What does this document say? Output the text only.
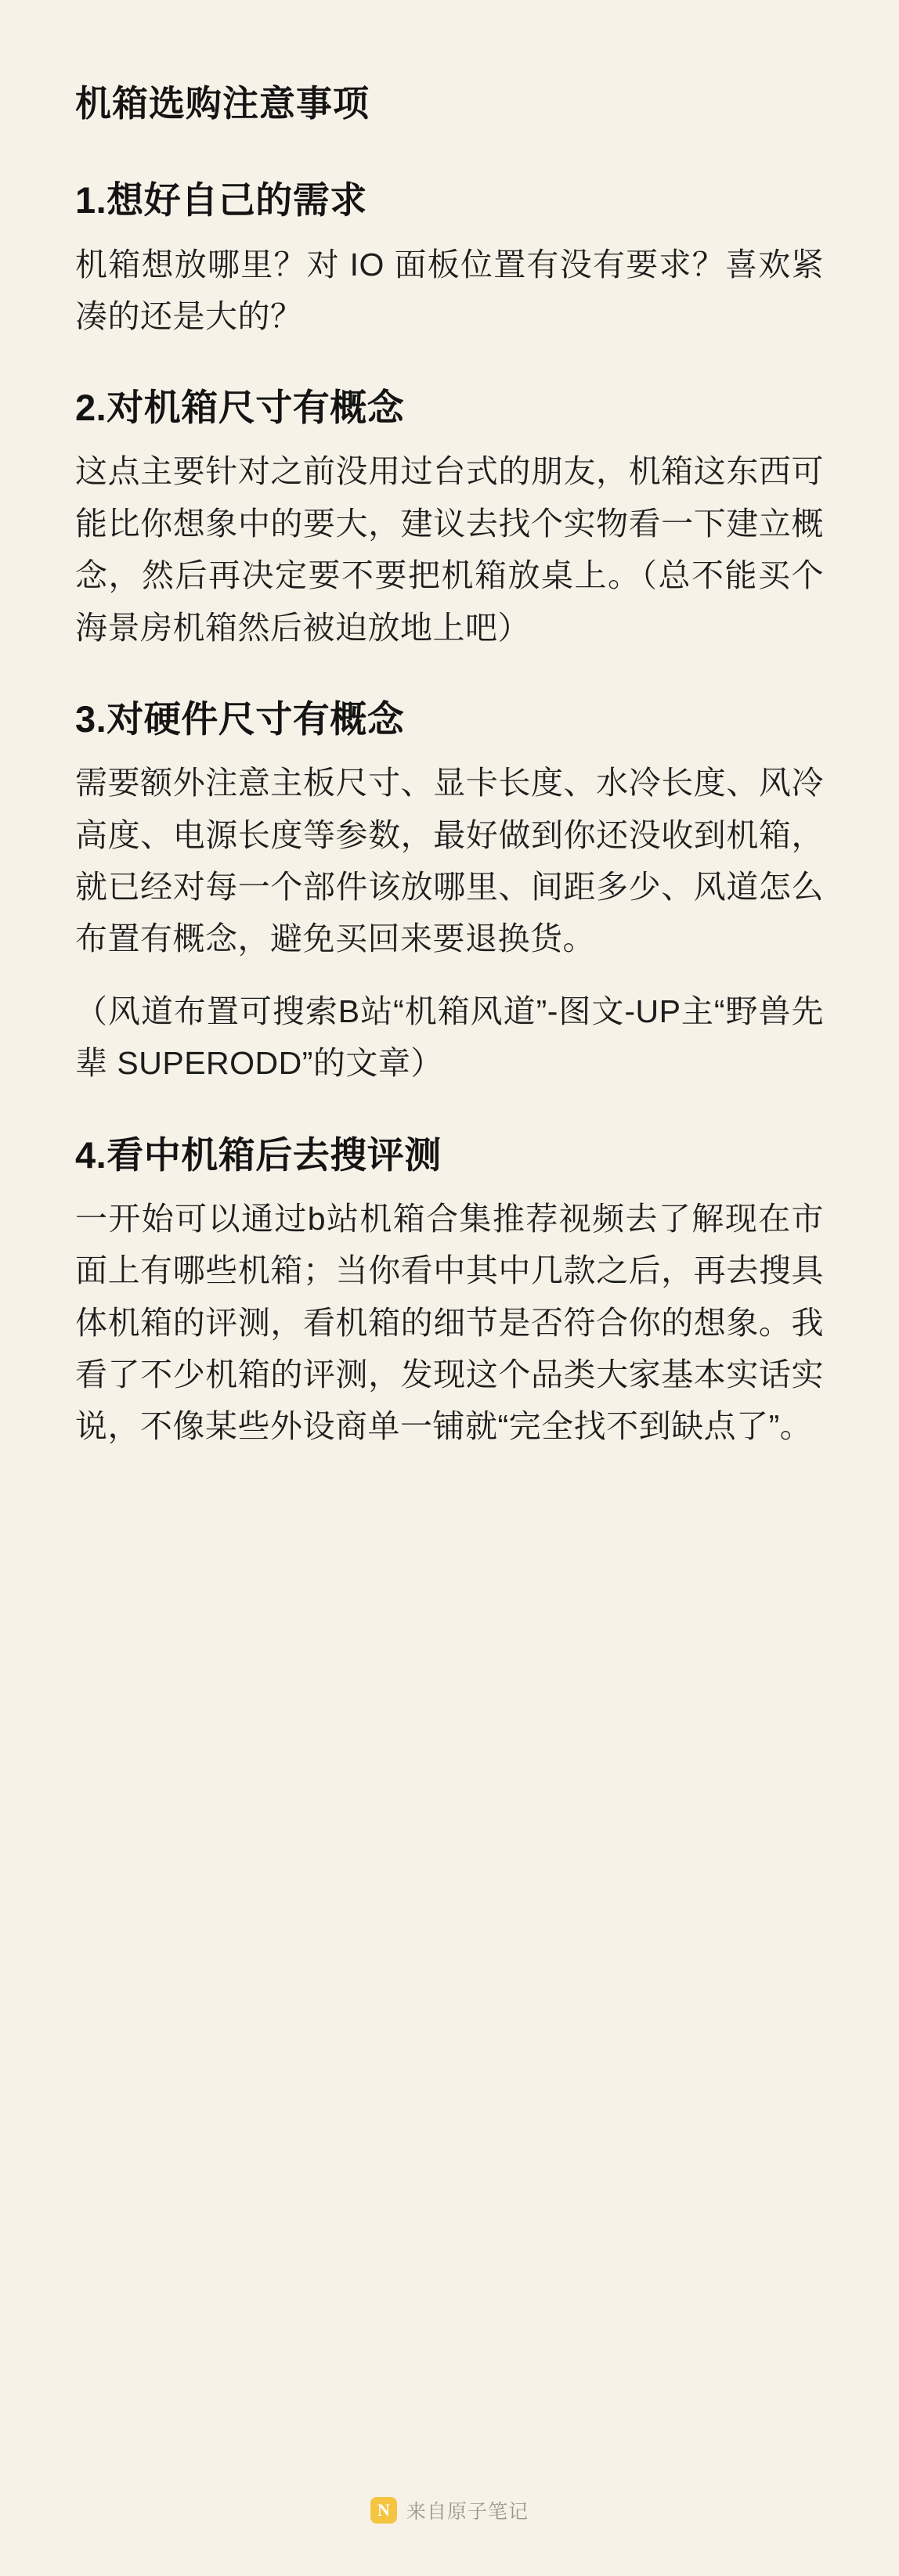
机箱选购注意事项
1.想好自己的需求

机箱想放哪里？对 IO 面板位置有没有要求？喜欢紧凑的还是大的？

2.对机箱尺寸有概念

这点主要针对之前没用过台式的朋友，机箱这东西可能比你想象中的要大，建议去找个实物看一下建立概念，然后再决定要不要把机箱放桌上。（总不能买个海景房机箱然后被迫放地上吧）

3.对硬件尺寸有概念

需要额外注意主板尺寸、显卡长度、水冷长度、风冷高度、电源长度等参数，最好做到你还没收到机箱，就已经对每一个部件该放哪里、间距多少、风道怎么布置有概念，避免买回来要退换货。

（风道布置可搜索B站“机箱风道”-图文-UP主“野兽先辈 SUPERODD”的文章）

4.看中机箱后去搜评测

一开始可以通过b站机箱合集推荐视频去了解现在市面上有哪些机箱；当你看中其中几款之后，再去搜具体机箱的评测，看机箱的细节是否符合你的想象。我看了不少机箱的评测，发现这个品类大家基本实话实说，不像某些外设商单一铺就“完全找不到缺点了”。

N 来自原子笔记
